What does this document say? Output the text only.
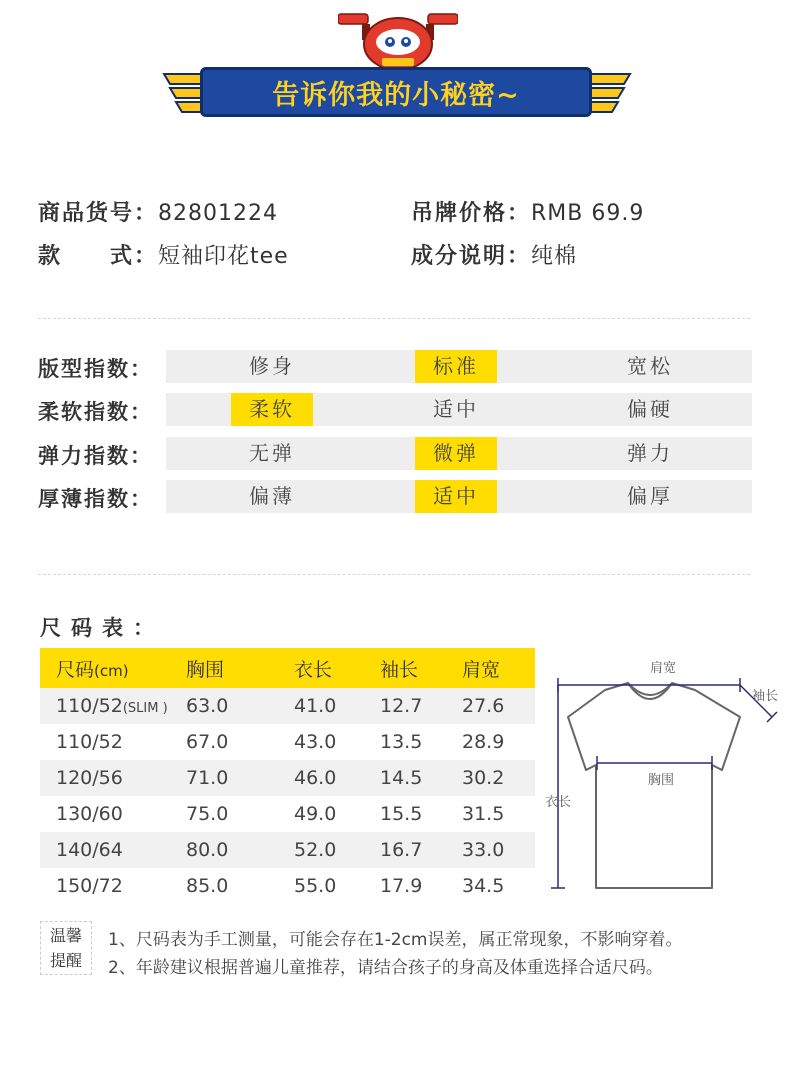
告诉你我的小秘密~
商品货号：82801224	吊牌价格：RMB 69.9
款　　式：短袖印花tee	成分说明：纯棉
版型指数：	修身	标准	宽松
柔软指数：	柔软	适中	偏硬
弹力指数：	无弹	微弹	弹力
厚薄指数：	偏薄	适中	偏厚
尺码表：
尺码(cm)	胸围	衣长	袖长	肩宽
110/52(SLIM ) 63.0	41.0	12.7	27.6
110/52	67.0	43.0	13.5	28.9
120/56	71.0	46.0	14.5	30.2
130/60	75.0	49.0	15.5	31.5
140/64	80.0	52.0	16.7	33.0
150/72	85.0	55.0	17.9	34.5
肩宽
袖长
胸围
衣长
温馨
提醒
1、尺码表为手工测量，可能会存在1-2cm误差，属正常现象，不影响穿着。
2、年龄建议根据普遍儿童推荐，请结合孩子的身高及体重选择合适尺码。
